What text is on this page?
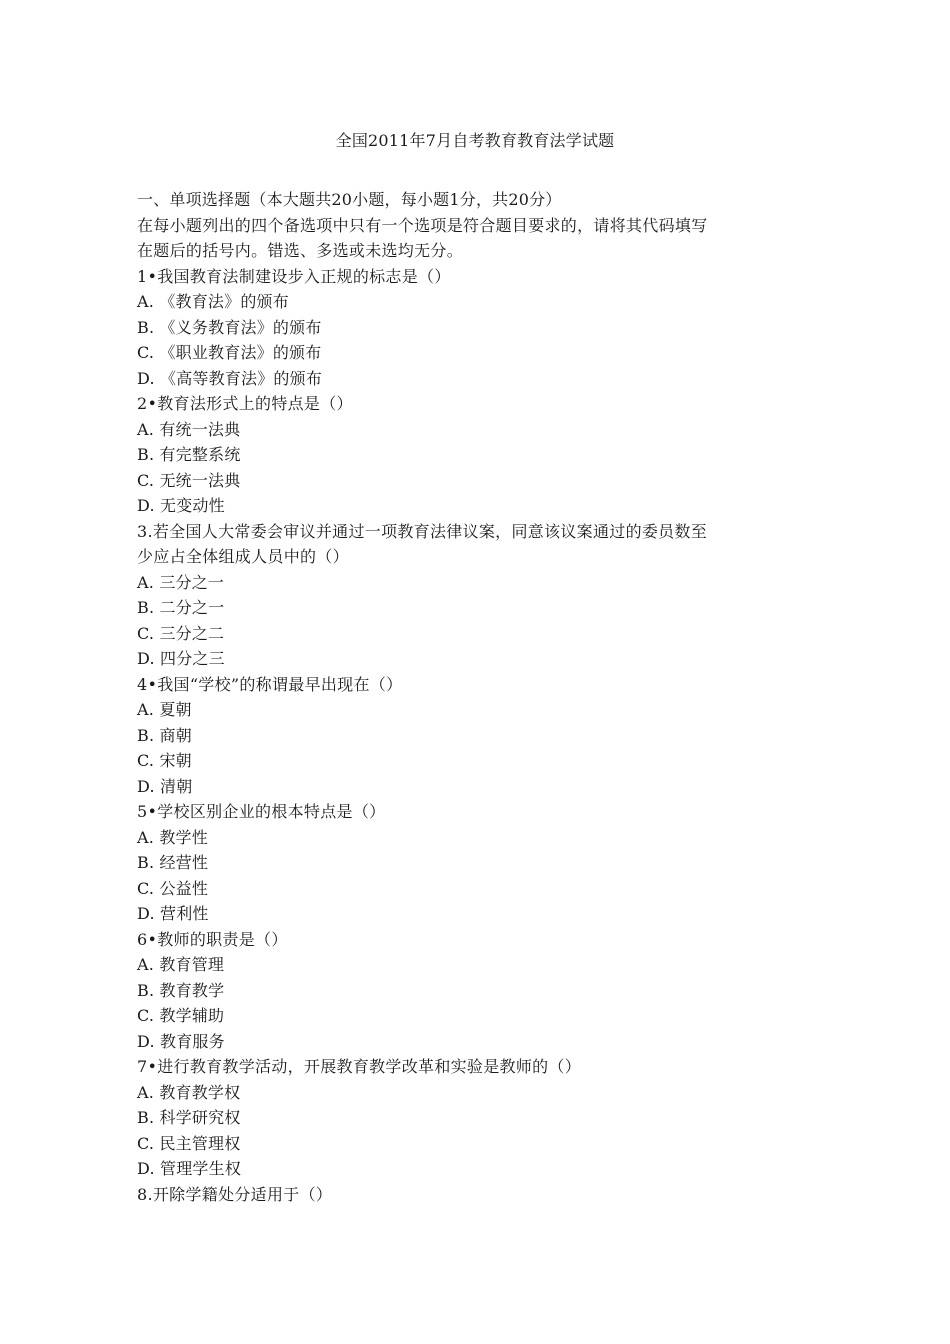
全国2011年7月自考教育教育法学试题
一、单项选择题（本大题共20小题，每小题1分，共20分）
在每小题列出的四个备选项中只有一个选项是符合题目要求的，请将其代码填写
在题后的括号内。错选、多选或未选均无分。
1•我国教育法制建设步入正规的标志是（）
A. 《教育法》的颁布
B. 《义务教育法》的颁布
C. 《职业教育法》的颁布
D. 《高等教育法》的颁布
2•教育法形式上的特点是（）
A. 有统一法典
B. 有完整系统
C. 无统一法典
D. 无变动性
3.若全国人大常委会审议并通过一项教育法律议案，同意该议案通过的委员数至
少应占全体组成人员中的（）
A. 三分之一
B. 二分之一
C. 三分之二
D. 四分之三
4•我国“学校”的称谓最早出现在（）
A. 夏朝
B. 商朝
C. 宋朝
D. 清朝
5•学校区别企业的根本特点是（）
A. 教学性
B. 经营性
C. 公益性
D. 营利性
6•教师的职责是（）
A. 教育管理
B. 教育教学
C. 教学辅助
D. 教育服务
7•进行教育教学活动，开展教育教学改革和实验是教师的（）
A. 教育教学权
B. 科学研究权
C. 民主管理权
D. 管理学生权
8.开除学籍处分适用于（）
